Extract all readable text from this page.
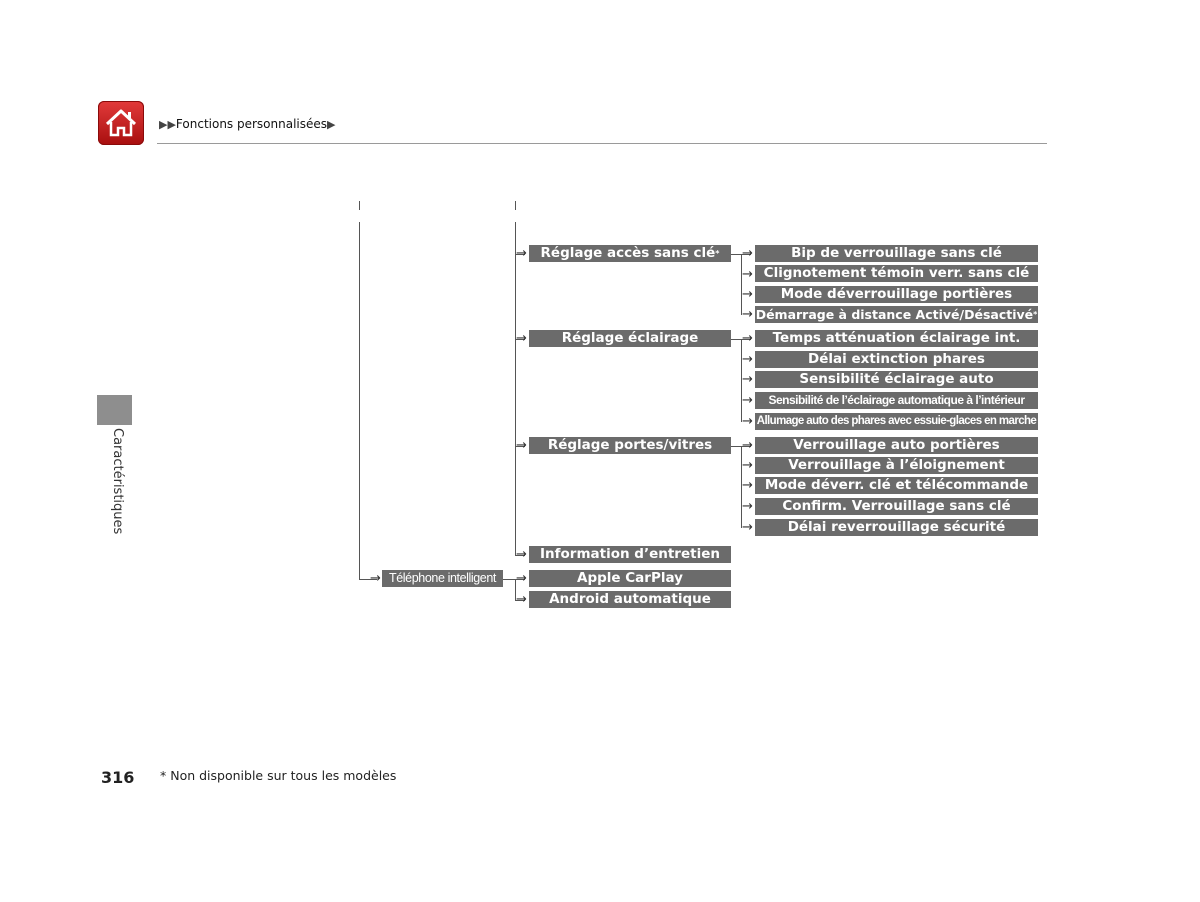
▶▶Fonctions personnalisées▶
Caractéristiques
→
→
→
→
→
→
→
→
→
→
→
→
→
→
→
→
→
→
→
→
→
Téléphone intelligent
Réglage accès sans clé*
Réglage éclairage
Réglage portes/vitres
Information d’entretien
Apple CarPlay
Android automatique
Bip de verrouillage sans clé
Clignotement témoin verr. sans clé
Mode déverrouillage portières
Démarrage à distance Activé/Désactivé*
Temps atténuation éclairage int.
Délai extinction phares
Sensibilité éclairage auto
Sensibilité de l’éclairage automatique à l’intérieur
Allumage auto des phares avec essuie-glaces en marche
Verrouillage auto portières
Verrouillage à l’éloignement
Mode déverr. clé et télécommande
Confirm. Verrouillage sans clé
Délai reverrouillage sécurité
316 * Non disponible sur tous les modèles
